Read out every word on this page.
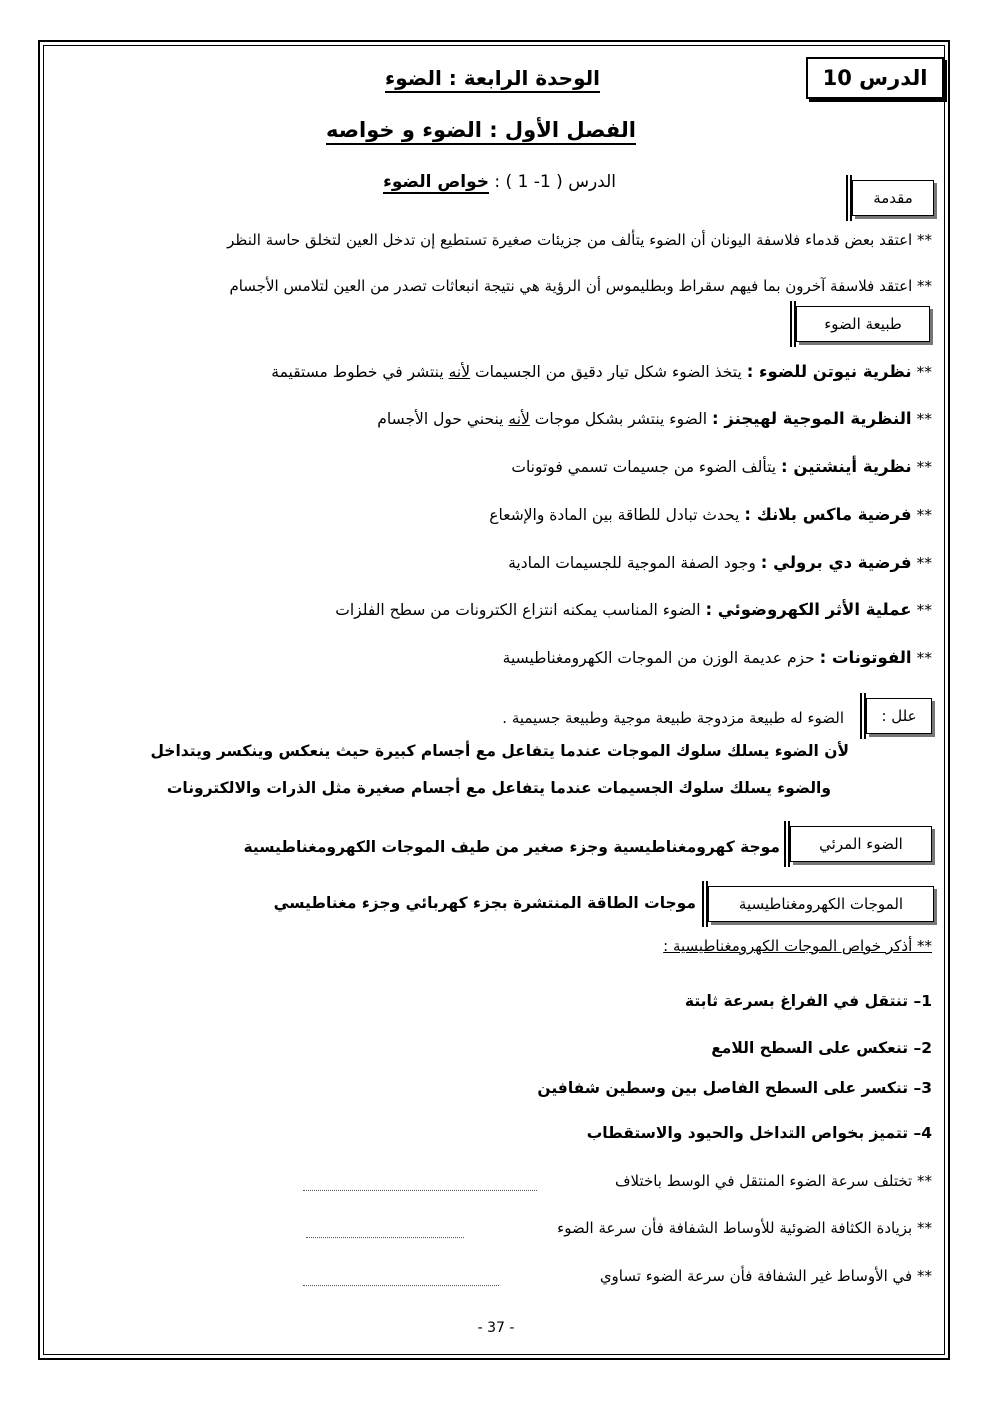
الدرس 10
الوحدة الرابعة : الضوء
الفصل الأول : الضوء و خواصه
الدرس ( 1- 1 ) : خواص الضوء
مقدمة
** اعتقد بعض قدماء فلاسفة اليونان أن الضوء يتألف من جزيئات صغيرة تستطيع إن تدخل العين لتخلق حاسة النظر
** اعتقد فلاسفة آخرون بما فيهم سقراط وبطليموس أن الرؤية هي نتيجة انبعاثات تصدر من العين لتلامس الأجسام
طبيعة الضوء
** نظرية نيوتن للضوء : يتخذ الضوء شكل تيار دقيق من الجسيمات لأنه ينتشر في خطوط مستقيمة
** النظرية الموجية لهيجنز : الضوء ينتشر بشكل موجات لأنه ينحني حول الأجسام
** نظرية أينشتين : يتألف الضوء من جسيمات تسمي فوتونات
** فرضية ماكس بلانك : يحدث تبادل للطاقة بين المادة والإشعاع
** فرضية دي برولي : وجود الصفة الموجية للجسيمات المادية
** عملية الأثر الكهروضوئي : الضوء المناسب يمكنه انتزاع الكترونات من سطح الفلزات
** الفوتونات : حزم عديمة الوزن من الموجات الكهرومغناطيسية
علل :
الضوء له طبيعة مزدوجة طبيعة موجية وطبيعة جسيمية .
لأن الضوء يسلك سلوك الموجات عندما يتفاعل مع أجسام كبيرة حيث ينعكس وينكسر ويتداخل
والضوء يسلك سلوك الجسيمات عندما يتفاعل مع أجسام صغيرة مثل الذرات والالكترونات
الضوء المرئي
موجة كهرومغناطيسية وجزء صغير من طيف الموجات الكهرومغناطيسية
الموجات الكهرومغناطيسية
موجات الطاقة المنتشرة بجزء كهربائي وجزء مغناطيسي
** أذكر خواص الموجات الكهرومغناطيسية :
1– تنتقل في الفراغ بسرعة ثابتة
2– تنعكس على السطح اللامع
3– تنكسر على السطح الفاصل بين وسطين شفافين
4– تتميز بخواص التداخل والحيود والاستقطاب
** تختلف سرعة الضوء المنتقل في الوسط باختلاف
** بزيادة الكثافة الضوئية للأوساط الشفافة فأن سرعة الضوء
** في الأوساط غير الشفافة فأن سرعة الضوء تساوي
- 37 -
